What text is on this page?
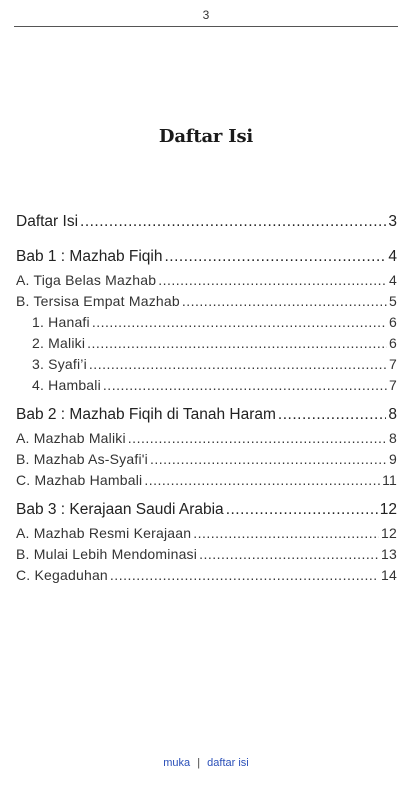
3
Daftar Isi
Daftar Isi .....	3
Bab 1 : Mazhab Fiqih .....	4
A. Tiga Belas Mazhab .....	4
B. Tersisa Empat Mazhab .....	5
1. Hanafi .....	6
2. Maliki .....	6
3. Syafi’i .....	7
4. Hambali .....	7
Bab 2 : Mazhab Fiqih di Tanah Haram .....	8
A. Mazhab Maliki .....	8
B. Mazhab As-Syafi'i .....	9
C. Mazhab Hambali .....	11
Bab 3 : Kerajaan Saudi Arabia .....	12
A. Mazhab Resmi Kerajaan .....	12
B. Mulai Lebih Mendominasi .....	13
C. Kegaduhan .....	14
muka | daftar isi
